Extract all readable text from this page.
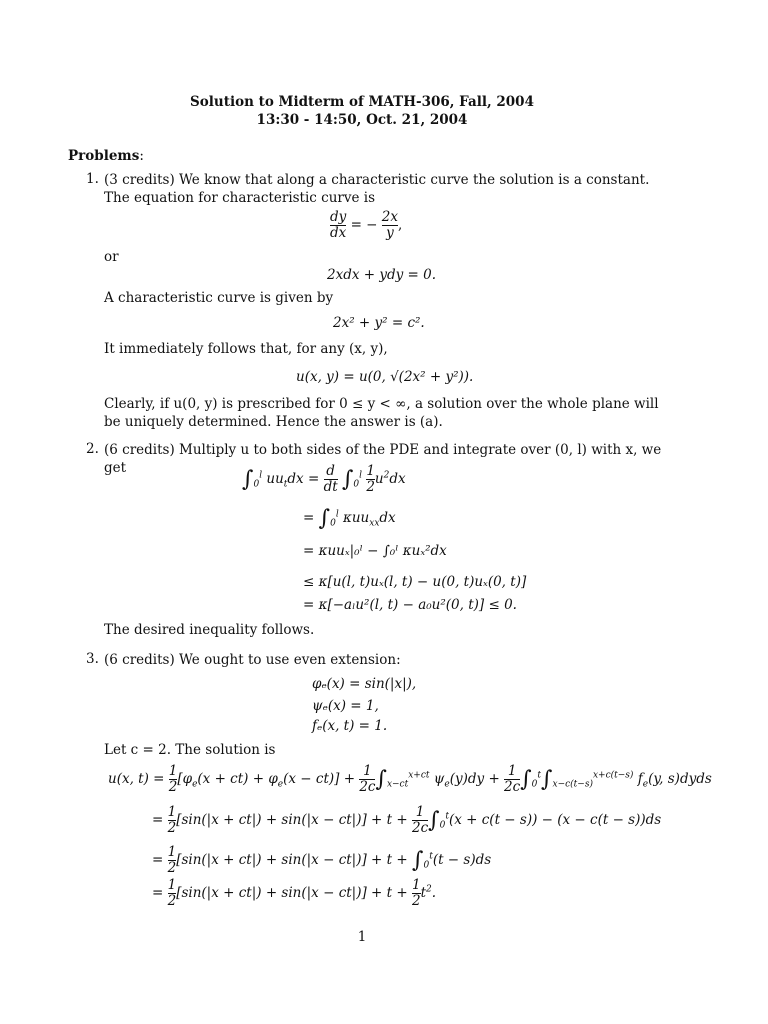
Solution to Midterm of MATH-306, Fall, 2004
13:30 - 14:50, Oct. 21, 2004
Problems:
1. (3 credits) We know that along a characteristic curve the solution is a constant. The equation for characteristic curve is
$\frac{dy}{dx}$ = − $\frac{2x}{y}$ ,
or
2xdx + ydy = 0.
A characteristic curve is given by
2x² + y² = c².
It immediately follows that, for any (x, y),
u(x, y) = u(0, √(2x² + y²)).
Clearly, if u(0, y) is prescribed for 0 ≤ y < ∞, a solution over the whole plane will be uniquely determined. Hence the answer is (a).
2. (6 credits) Multiply u to both sides of the PDE and integrate over (0, l) with x, we get	$\int_0^l$ $uu_tdx = \frac{d}{dt} \int_0^l \frac{1}{2} u^2dx$
= $\int_0^l$ κuu$_{xx}$dx
= κuuₓ|₀ˡ − ∫₀ˡ κuₓ²dx
≤ κ[u(l, t)uₓ(l, t) − u(0, t)uₓ(0, t)]
= κ[−aₗu²(l, t) − a₀u²(0, t)] ≤ 0.
The desired inequality follows.
3. (6 credits) We ought to use even extension:
φₑ(x) = sin(|x|),
ψₑ(x) = 1,
fₑ(x, t) = 1.
Let c = 2. The solution is
u(x, $t) = \frac{1}{2} [\varphi_e(x + ct) + \varphi_e(x - ct)] + \frac{1}{2c} \int_{x-ct}^{x+ct}$ $\psi_e(y)dy + \frac{1}{2c} \int_0^t\int_{x-c(t-s)}^{x+c(t-s)}$ $f_e(y$, s)dyds
= $\frac{1}{2} [\sin(|x + ct|) + \sin(|x - ct|)] + t + \frac{1}{2c} \int_0^t(x + c(t - s)) - (x - c(t - s))ds$
= $\frac{1}{2} [\sin(|x + ct|) + \sin(|x - ct|)] + t + \int_0^t(t - s)ds$
= $\frac{1}{2} [\sin(|x + ct|) + \sin(|x - ct|)] + t + \frac{1}{2} t^2$.
1
